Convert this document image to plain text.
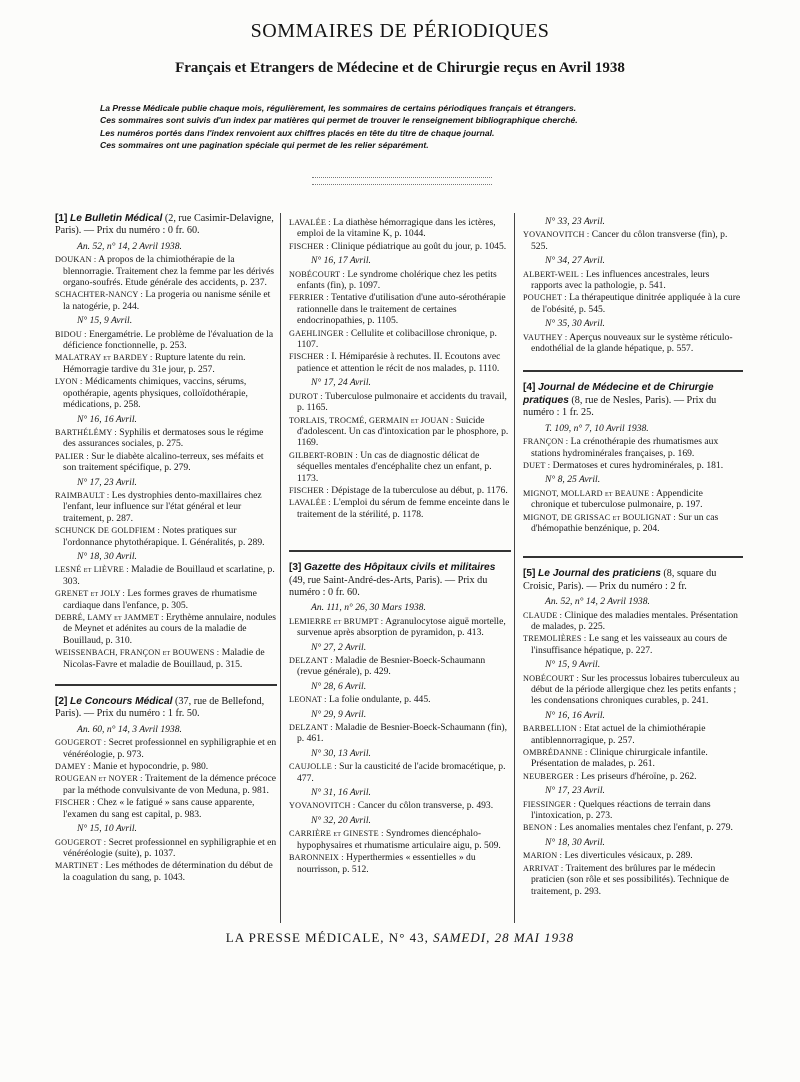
SOMMAIRES DE PÉRIODIQUES
Français et Etrangers de Médecine et de Chirurgie reçus en Avril 1938

La Presse Médicale publie chaque mois, régulièrement, les sommaires de certains périodiques français et étrangers.

Ces sommaires sont suivis d'un index par matières qui permet de trouver le renseignement bibliographique cherché.

Les numéros portés dans l'index renvoient aux chiffres placés en tête du titre de chaque journal.

Ces sommaires ont une pagination spéciale qui permet de les relier séparément.

[1] Le Bulletin Médical (2, rue Casimir-Delavigne, Paris). — Prix du numéro : 0 fr. 60.
An. 52, n° 14, 2 Avril 1938.
DOUKAN : A propos de la chimiothérapie de la blennorragie. Traitement chez la femme par les dérivés organo-soufrés. Etude générale des accidents, p. 237.
SCHACHTER-NANCY : La progeria ou nanisme sénile et la natogérie, p. 244.
N° 15, 9 Avril.
BIDOU : Energamétrie. Le problème de l'évaluation de la déficience fonctionnelle, p. 253.
MALATRAY et BARDEY : Rupture latente du rein. Hémorragie tardive du 31e jour, p. 257.
LYON : Médicaments chimiques, vaccins, sérums, opothérapie, agents physiques, colloïdothérapie, médications, p. 258.
N° 16, 16 Avril.
BARTHÉLÉMY : Syphilis et dermatoses sous le régime des assurances sociales, p. 275.
PALIER : Sur le diabète alcalino-terreux, ses méfaits et son traitement spécifique, p. 279.
N° 17, 23 Avril.
RAIMBAULT : Les dystrophies dento-maxillaires chez l'enfant, leur influence sur l'état général et leur traitement, p. 287.
SCHUNCK DE GOLDFIEM : Notes pratiques sur l'ordonnance phytothérapique. I. Généralités, p. 289.
N° 18, 30 Avril.
LESNÉ et LIÈVRE : Maladie de Bouillaud et scarlatine, p. 303.
GRENET et JOLY : Les formes graves de rhumatisme cardiaque dans l'enfance, p. 305.
DEBRÉ, LAMY et JAMMET : Erythème annulaire, nodules de Meynet et adénites au cours de la maladie de Bouillaud, p. 310.
WEISSENBACH, FRANÇON et BOUWENS : Maladie de Nicolas-Favre et maladie de Bouillaud, p. 315.
[2] Le Concours Médical (37, rue de Bellefond, Paris). — Prix du numéro : 1 fr. 50.
An. 60, n° 14, 3 Avril 1938.
GOUGEROT : Secret professionnel en syphiligraphie et en vénéréologie, p. 973.
DAMEY : Manie et hypocondrie, p. 980.
ROUGEAN et NOYER : Traitement de la démence précoce par la méthode convulsivante de von Meduna, p. 981.
FISCHER : Chez « le fatigué » sans cause apparente, l'examen du sang est capital, p. 983.
N° 15, 10 Avril.
GOUGEROT : Secret professionnel en syphiligraphie et en vénéréologie (suite), p. 1037.
MARTINET : Les méthodes de détermination du début de la coagulation du sang, p. 1043.
LAVALÉE : La diathèse hémorragique dans les ictères, emploi de la vitamine K, p. 1044.
FISCHER : Clinique pédiatrique au goût du jour, p. 1045.
N° 16, 17 Avril.
NOBÉCOURT : Le syndrome cholérique chez les petits enfants (fin), p. 1097.
FERRIER : Tentative d'utilisation d'une auto-sérothérapie rationnelle dans le traitement de certaines endocrinopathies, p. 1105.
GAEHLINGER : Cellulite et colibacillose chronique, p. 1107.
FISCHER : I. Hémiparésie à rechutes. II. Ecoutons avec patience et attention le récit de nos malades, p. 1110.
N° 17, 24 Avril.
DUROT : Tuberculose pulmonaire et accidents du travail, p. 1165.
TORLAIS, TROCMÉ, GERMAIN et JOUAN : Suicide d'adolescent. Un cas d'intoxication par le phosphore, p. 1169.
GILBERT-ROBIN : Un cas de diagnostic délicat de séquelles mentales d'encéphalite chez un enfant, p. 1173.
FISCHER : Dépistage de la tuberculose au début, p. 1176.
LAVALÉE : L'emploi du sérum de femme enceinte dans le traitement de la stérilité, p. 1178.
[3] Gazette des Hôpitaux civils et militaires (49, rue Saint-André-des-Arts, Paris). — Prix du numéro : 0 fr. 60.
An. 111, n° 26, 30 Mars 1938.
LEMIERRE et BRUMPT : Agranulocytose aiguë mortelle, survenue après absorption de pyramidon, p. 413.
N° 27, 2 Avril.
DELZANT : Maladie de Besnier-Boeck-Schaumann (revue générale), p. 429.
N° 28, 6 Avril.
LEONAT : La folie ondulante, p. 445.
N° 29, 9 Avril.
DELZANT : Maladie de Besnier-Boeck-Schaumann (fin), p. 461.
N° 30, 13 Avril.
CAUJOLLE : Sur la causticité de l'acide bromacétique, p. 477.
N° 31, 16 Avril.
YOVANOVITCH : Cancer du côlon transverse, p. 493.
N° 32, 20 Avril.
CARRIÈRE et GINESTE : Syndromes diencéphalo-hypophysaires et rhumatisme articulaire aigu, p. 509.
BARONNEIX : Hyperthermies « essentielles » du nourrisson, p. 512.
N° 33, 23 Avril.
YOVANOVITCH : Cancer du côlon transverse (fin), p. 525.
N° 34, 27 Avril.
ALBERT-WEIL : Les influences ancestrales, leurs rapports avec la pathologie, p. 541.
POUCHET : La thérapeutique dinitrée appliquée à la cure de l'obésité, p. 545.
N° 35, 30 Avril.
VAUTHEY : Aperçus nouveaux sur le système réticulo-endothélial de la glande hépatique, p. 557.
[4] Journal de Médecine et de Chirurgie pratiques (8, rue de Nesles, Paris). — Prix du numéro : 1 fr. 25.
T. 109, n° 7, 10 Avril 1938.
FRANÇON : La crénothérapie des rhumatismes aux stations hydrominérales françaises, p. 169.
DUET : Dermatoses et cures hydrominérales, p. 181.
N° 8, 25 Avril.
MIGNOT, MOLLARD et BEAUNE : Appendicite chronique et tuberculose pulmonaire, p. 197.
MIGNOT, DE GRISSAC et BOULIGNAT : Sur un cas d'hémopathie benzénique, p. 204.
[5] Le Journal des praticiens (8, square du Croisic, Paris). — Prix du numéro : 2 fr.
An. 52, n° 14, 2 Avril 1938.
CLAUDE : Clinique des maladies mentales. Présentation de malades, p. 225.
TREMOLIÈRES : Le sang et les vaisseaux au cours de l'insuffisance hépatique, p. 227.
N° 15, 9 Avril.
NOBÉCOURT : Sur les processus lobaires tuberculeux au début de la période allergique chez les petits enfants ; les condensations chroniques curables, p. 241.
N° 16, 16 Avril.
BARBELLION : Etat actuel de la chimiothérapie antiblennorragique, p. 257.
OMBRÉDANNE : Clinique chirurgicale infantile. Présentation de malades, p. 261.
NEUBERGER : Les priseurs d'héroïne, p. 262.
N° 17, 23 Avril.
FIESSINGER : Quelques réactions de terrain dans l'intoxication, p. 273.
BENON : Les anomalies mentales chez l'enfant, p. 279.
N° 18, 30 Avril.
MARION : Les diverticules vésicaux, p. 289.
ARRIVAT : Traitement des brûlures par le médecin praticien (son rôle et ses possibilités). Technique de traitement, p. 293.
LA PRESSE MÉDICALE, N° 43, SAMEDI, 28 MAI 1938
